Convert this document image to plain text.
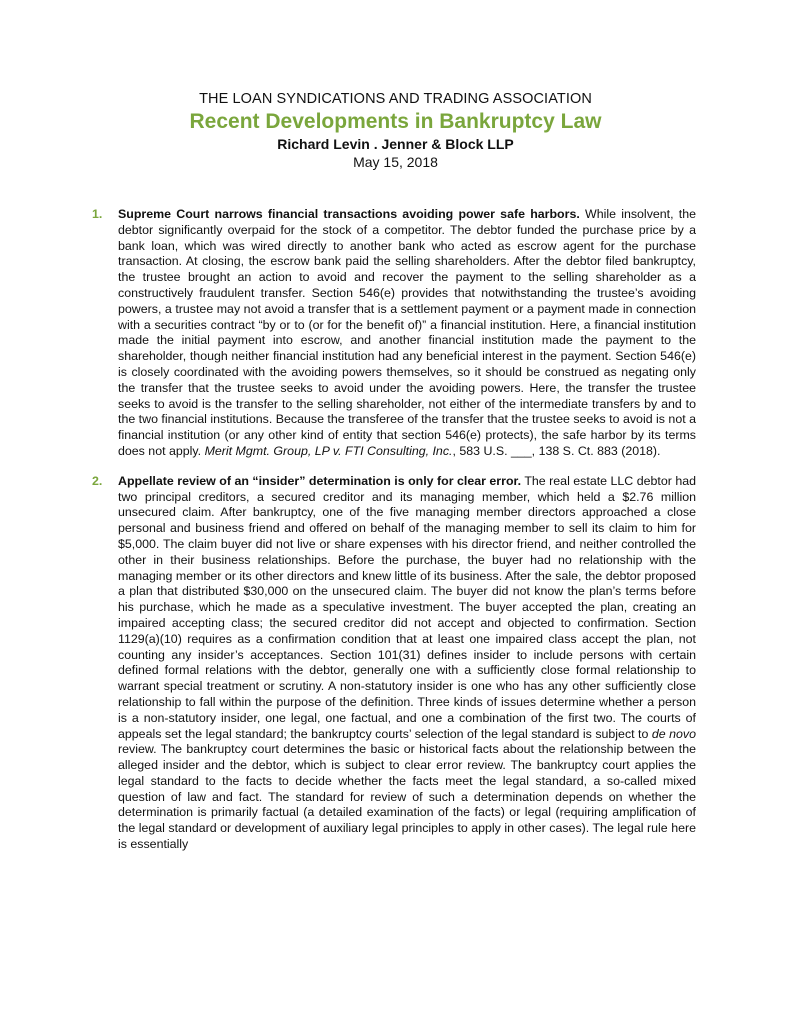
THE LOAN SYNDICATIONS AND TRADING ASSOCIATION
Recent Developments in Bankruptcy Law
Richard Levin . Jenner & Block LLP
May 15, 2018
1. Supreme Court narrows financial transactions avoiding power safe harbors. While insolvent, the debtor significantly overpaid for the stock of a competitor. The debtor funded the purchase price by a bank loan, which was wired directly to another bank who acted as escrow agent for the purchase transaction. At closing, the escrow bank paid the selling shareholders. After the debtor filed bankruptcy, the trustee brought an action to avoid and recover the payment to the selling shareholder as a constructively fraudulent transfer. Section 546(e) provides that notwithstanding the trustee’s avoiding powers, a trustee may not avoid a transfer that is a settlement payment or a payment made in connection with a securities contract “by or to (or for the benefit of)” a financial institution. Here, a financial institution made the initial payment into escrow, and another financial institution made the payment to the shareholder, though neither financial institution had any beneficial interest in the payment. Section 546(e) is closely coordinated with the avoiding powers themselves, so it should be construed as negating only the transfer that the trustee seeks to avoid under the avoiding powers. Here, the transfer the trustee seeks to avoid is the transfer to the selling shareholder, not either of the intermediate transfers by and to the two financial institutions. Because the transferee of the transfer that the trustee seeks to avoid is not a financial institution (or any other kind of entity that section 546(e) protects), the safe harbor by its terms does not apply. Merit Mgmt. Group, LP v. FTI Consulting, Inc., 583 U.S. ___, 138 S. Ct. 883 (2018).
2. Appellate review of an “insider” determination is only for clear error. The real estate LLC debtor had two principal creditors, a secured creditor and its managing member, which held a $2.76 million unsecured claim. After bankruptcy, one of the five managing member directors approached a close personal and business friend and offered on behalf of the managing member to sell its claim to him for $5,000. The claim buyer did not live or share expenses with his director friend, and neither controlled the other in their business relationships. Before the purchase, the buyer had no relationship with the managing member or its other directors and knew little of its business. After the sale, the debtor proposed a plan that distributed $30,000 on the unsecured claim. The buyer did not know the plan’s terms before his purchase, which he made as a speculative investment. The buyer accepted the plan, creating an impaired accepting class; the secured creditor did not accept and objected to confirmation. Section 1129(a)(10) requires as a confirmation condition that at least one impaired class accept the plan, not counting any insider’s acceptances. Section 101(31) defines insider to include persons with certain defined formal relations with the debtor, generally one with a sufficiently close formal relationship to warrant special treatment or scrutiny. A non-statutory insider is one who has any other sufficiently close relationship to fall within the purpose of the definition. Three kinds of issues determine whether a person is a non-statutory insider, one legal, one factual, and one a combination of the first two. The courts of appeals set the legal standard; the bankruptcy courts’ selection of the legal standard is subject to de novo review. The bankruptcy court determines the basic or historical facts about the relationship between the alleged insider and the debtor, which is subject to clear error review. The bankruptcy court applies the legal standard to the facts to decide whether the facts meet the legal standard, a so-called mixed question of law and fact. The standard for review of such a determination depends on whether the determination is primarily factual (a detailed examination of the facts) or legal (requiring amplification of the legal standard or development of auxiliary legal principles to apply in other cases). The legal rule here is essentially
